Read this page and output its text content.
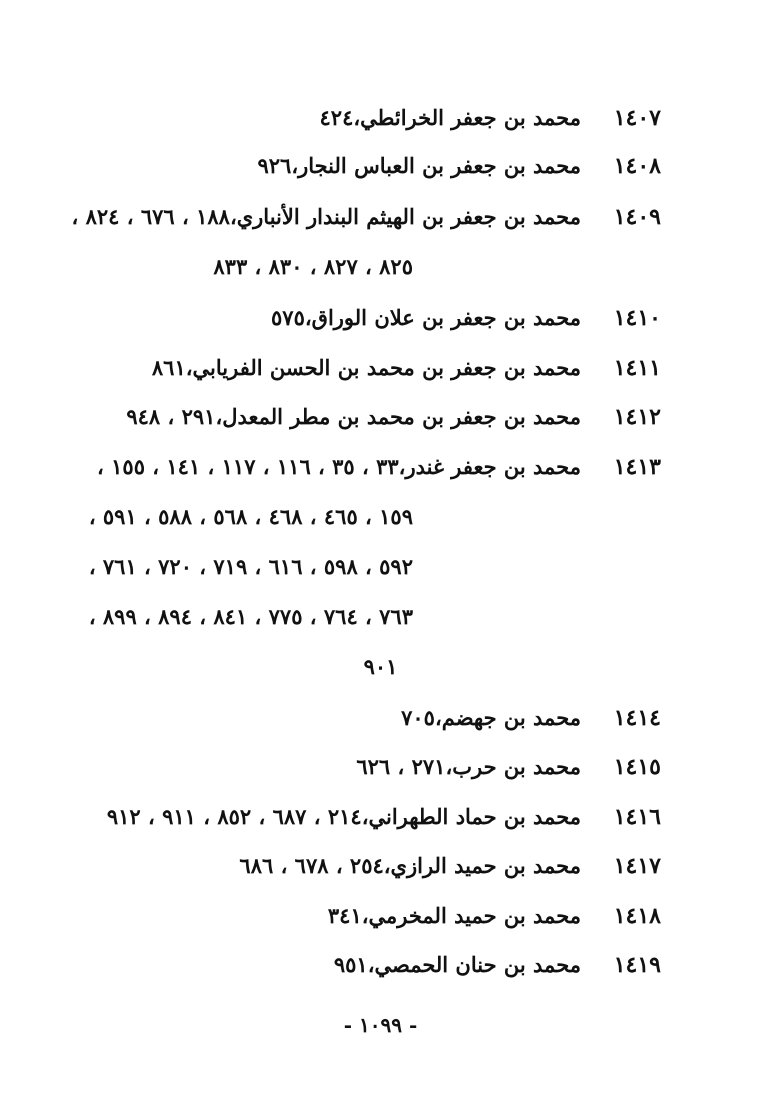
١٤٠٧
محمد بن جعفر الخرائطي،٤٢٤
١٤٠٨
محمد بن جعفر بن العباس النجار،٩٢٦
١٤٠٩
محمد بن جعفر بن الهيثم البندار الأنباري،١٨٨ ، ٦٧٦ ، ٨٢٤ ،
٨٢٥ ، ٨٢٧ ، ٨٣٠ ، ٨٣٣
١٤١٠
محمد بن جعفر بن علان الوراق،٥٧٥
١٤١١
محمد بن جعفر بن محمد بن الحسن الفريابي،٨٦١
١٤١٢
محمد بن جعفر بن محمد بن مطر المعدل،٢٩١ ، ٩٤٨
١٤١٣
محمد بن جعفر غندر،٣٣ ، ٣٥ ، ١١٦ ، ١١٧ ، ١٤١ ، ١٥٥ ،
١٥٩ ، ٤٦٥ ، ٤٦٨ ، ٥٦٨ ، ٥٨٨ ، ٥٩١ ،
٥٩٢ ، ٥٩٨ ، ٦١٦ ، ٧١٩ ، ٧٢٠ ، ٧٦١ ،
٧٦٣ ، ٧٦٤ ، ٧٧٥ ، ٨٤١ ، ٨٩٤ ، ٨٩٩ ،
٩٠١
١٤١٤
محمد بن جهضم،٧٠٥
١٤١٥
محمد بن حرب،٢٧١ ، ٦٢٦
١٤١٦
محمد بن حماد الطهراني،٢١٤ ، ٦٨٧ ، ٨٥٢ ، ٩١١ ، ٩١٢
١٤١٧
محمد بن حميد الرازي،٢٥٤ ، ٦٧٨ ، ٦٨٦
١٤١٨
محمد بن حميد المخرمي،٣٤١
١٤١٩
محمد بن حنان الحمصي،٩٥١
- ١٠٩٩ -
